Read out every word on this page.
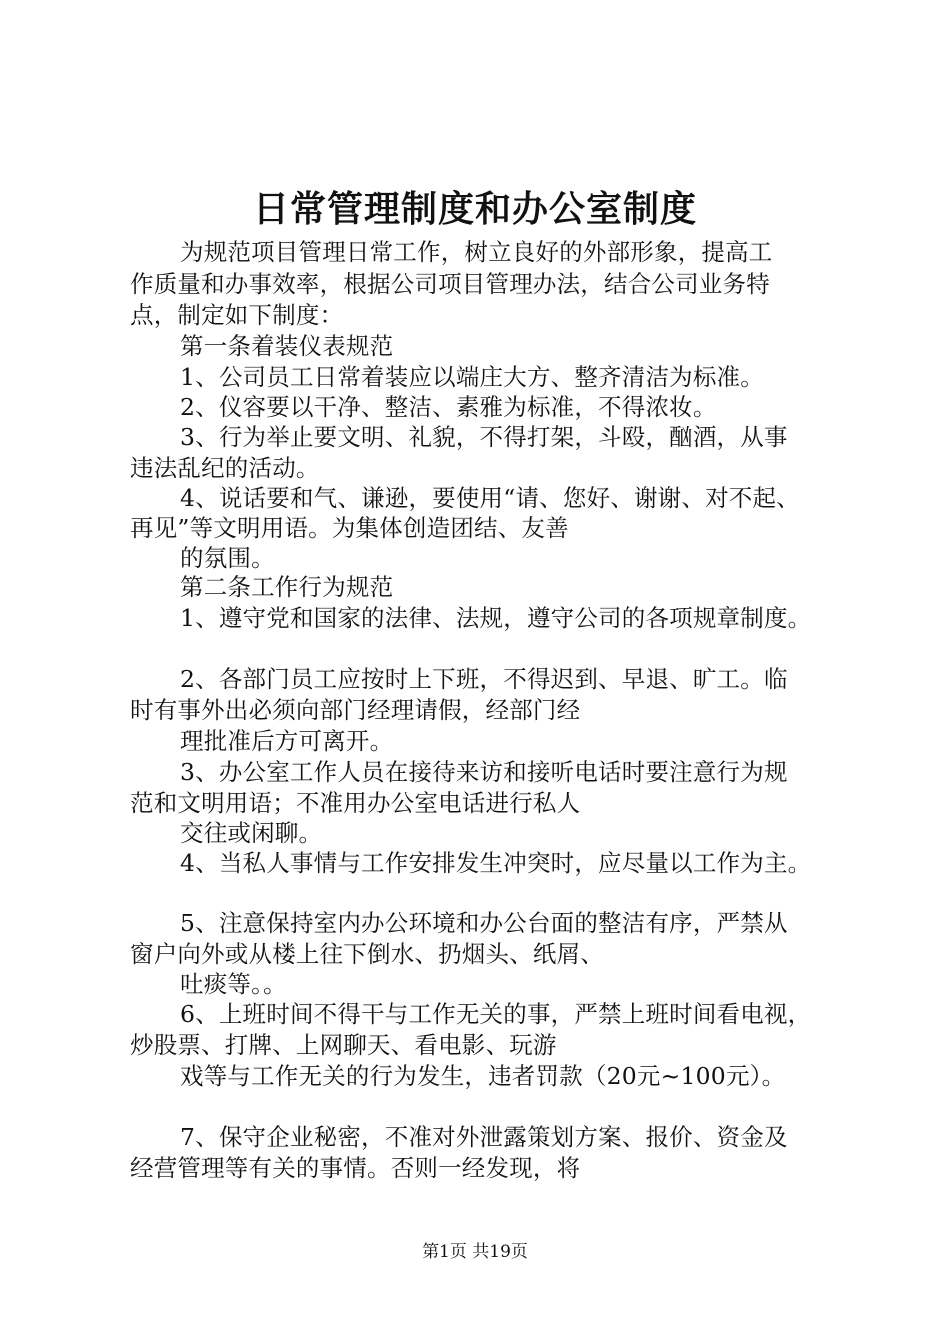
日常管理制度和办公室制度

为规范项目管理日常工作，树立良好的外部形象，提高工

作质量和办事效率，根据公司项目管理办法，结合公司业务特

点，制定如下制度：

第一条着装仪表规范

1、公司员工日常着装应以端庄大方、整齐清洁为标准。

2、仪容要以干净、整洁、素雅为标准，不得浓妆。

3、行为举止要文明、礼貌，不得打架，斗殴，酗酒，从事

违法乱纪的活动。

4、说话要和气、谦逊，要使用“请、您好、谢谢、对不起、

再见”等文明用语。为集体创造团结、友善

的氛围。

第二条工作行为规范

1、遵守党和国家的法律、法规，遵守公司的各项规章制度。

2、各部门员工应按时上下班，不得迟到、早退、旷工。临

时有事外出必须向部门经理请假，经部门经

理批准后方可离开。

3、办公室工作人员在接待来访和接听电话时要注意行为规

范和文明用语；不准用办公室电话进行私人

交往或闲聊。

4、当私人事情与工作安排发生冲突时，应尽量以工作为主。

5、注意保持室内办公环境和办公台面的整洁有序，严禁从

窗户向外或从楼上往下倒水、扔烟头、纸屑、

吐痰等。。

6、上班时间不得干与工作无关的事，严禁上班时间看电视，

炒股票、打牌、上网聊天、看电影、玩游

戏等与工作无关的行为发生，违者罚款（20元~100元）。

7、保守企业秘密，不准对外泄露策划方案、报价、资金及

经营管理等有关的事情。否则一经发现，将

第1页 共19页
